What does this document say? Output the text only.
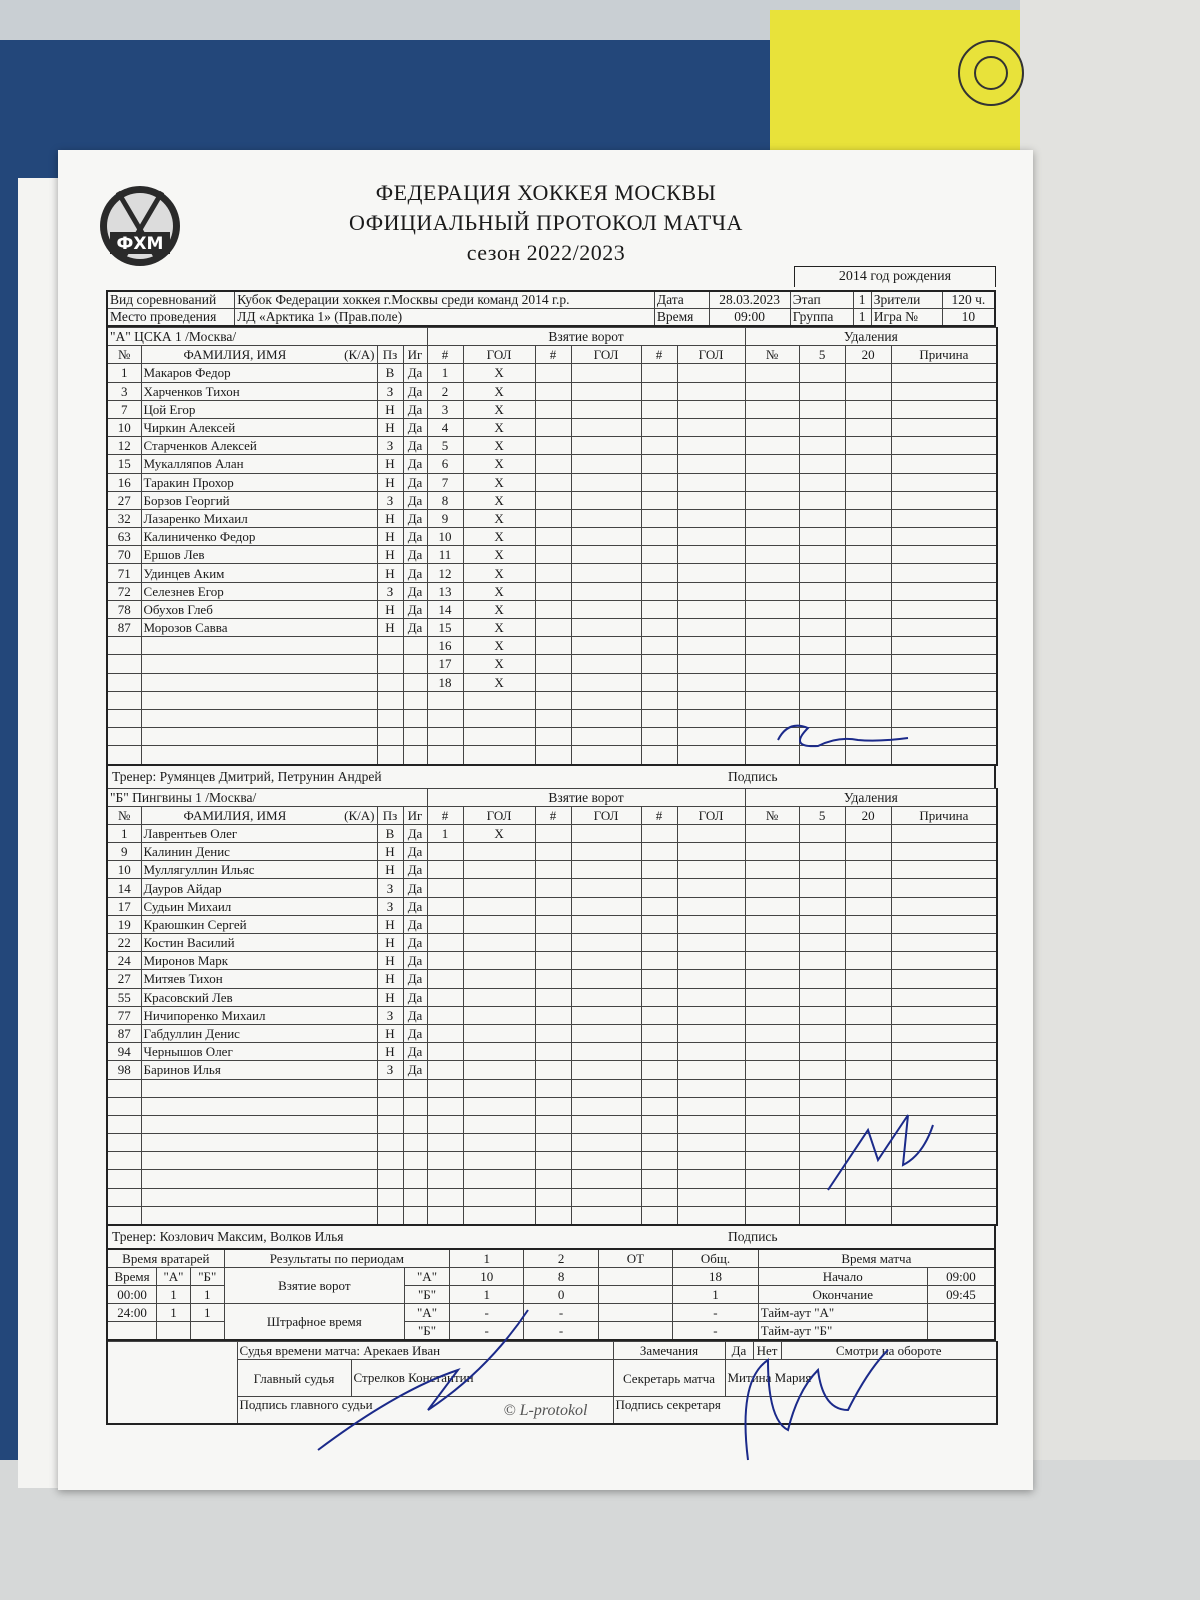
ФХМ
ФЕДЕРАЦИЯ ХОККЕЯ МОСКВЫ
ОФИЦИАЛЬНЫЙ ПРОТОКОЛ МАТЧА
сезон 2022/2023
2014 год рождения
Вид соревнований	Кубок Федерации хоккея г.Москвы среди команд 2014 г.р.	Дата	28.03.2023	Этап	1	Зрители	120 ч.
Место проведения	ЛД «Арктика 1» (Прав.поле)	Время	09:00	Группа	1	Игра №	10
"А" ЦСКА 1 /Москва/				Взятие ворот						Удаления			
№	ФАМИЛИЯ, ИМЯ (К/А)	Пз	Иг	#	ГОЛ	#	ГОЛ	#	ГОЛ	№	5	20	Причина
1	Макаров Федор	В	Да	1	Х								
3	Харченков Тихон	З	Да	2	Х								
7	Цой Егор	Н	Да	3	Х								
10	Чиркин Алексей	Н	Да	4	Х								
12	Старченков Алексей	З	Да	5	Х								
15	Мукалляпов Алан	Н	Да	6	Х								
16	Таракин Прохор	Н	Да	7	Х								
27	Борзов Георгий	З	Да	8	Х								
32	Лазаренко Михаил	Н	Да	9	Х								
63	Калиниченко Федор	Н	Да	10	Х								
70	Ершов Лев	Н	Да	11	Х								
71	Удинцев Аким	Н	Да	12	Х								
72	Селезнев Егор	З	Да	13	Х								
78	Обухов Глеб	Н	Да	14	Х								
87	Морозов Савва	Н	Да	15	Х								
				16	Х								
				17	Х								
				18	Х								

Тренер: Румянцев Дмитрий, Петрунин Андрей	Подпись
"Б" Пингвины 1 /Москва/				Взятие ворот						Удаления			
№	ФАМИЛИЯ, ИМЯ (К/А)	Пз	Иг	#	ГОЛ	#	ГОЛ	#	ГОЛ	№	5	20	Причина
1	Лаврентьев Олег	В	Да	1	Х								
9	Калинин Денис	Н	Да										
10	Муллягуллин Ильяс	Н	Да										
14	Дауров Айдар	З	Да										
17	Судьин Михаил	З	Да										
19	Краюшкин Сергей	Н	Да										
22	Костин Василий	Н	Да										
24	Миронов Марк	Н	Да										
27	Митяев Тихон	Н	Да										
55	Красовский Лев	Н	Да										
77	Ничипоренко Михаил	З	Да										
87	Габдуллин Денис	Н	Да										
94	Чернышов Олег	Н	Да										
98	Баринов Илья	З	Да										

Тренер: Козлович Максим, Волков Илья	Подпись
Время вратарей			Результаты по периодам		1	2	ОТ	Общ.	Время матча	
Время	"А"	"Б"	Взятие ворот	"А"	10	8		18	Начало	09:00
00:00	1	1		"Б"	1	0		1	Окончание	09:45
24:00	1	1	Штрафное время	"А"	-	-		-	Тайм-аут "А"	
				"Б"	-	-		-	Тайм-аут "Б"	
	Судья времени матча: Арекаев Иван		Замечания	Да	Нет	Смотри на обороте
	Главный судья	Стрелков Константин	Секретарь матча	Митина Мария		
	Подпись главного судьи		Подпись секретаря			
© L-protokol
